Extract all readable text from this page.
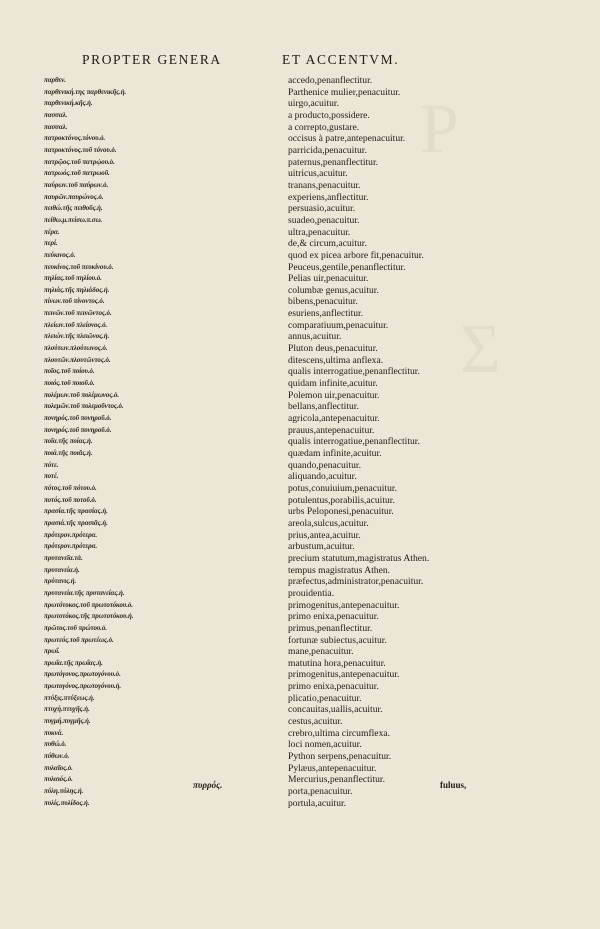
P
Σ
PROPTER GENERA	ET ACCENTVM.
παρθεν.
παρθενική.της παρθενικῆς.ἡ.
παρθενική.κῆς.ἡ.
πασσαλ.
πασσαλ.
πατροκτόνος.τόνου.ὁ.
πατροκτόνος.τοῦ τόνου.ὁ.
πατρῷος.τοῦ πατρῴου.ὁ.
πατρωός.τοῦ πατρωοῦ.
παύρων.τοῦ παύρων.ὁ.
παυρῶν.παυρώνος.ὁ.
πειθώ.τῆς πειθοῦς.ἡ.
πείθω.μ.πείσω.π.σω.
πέρα.
περί.
πεύκινος.ὁ.
πευκίνος.τοῦ πευκίνου.ὁ.
πηλίας.τοῦ πηλίου.ὁ.
πηλιάς.τῆς πηλιάδος.ἡ.
πίνων.τοῦ πίνοντος.ὁ.
πεινῶν.τοῦ πεινῶντος.ὁ.
πλείων.τοῦ πλείονος.ὁ.
πλειών.τῆς πλειῶνος.ἡ.
πλούτων.πλούτωνος.ὁ.
πλουτῶν.πλουτῶντος.ὁ.
ποῖος.τοῦ ποίου.ὁ.
ποιός.τοῦ ποιοῦ.ὁ.
πολέμων.τοῦ πολέμωνος.ὁ.
πολεμῶν.τοῦ πολεμοῦντος.ὁ.
πονηρός.τοῦ πονηροῦ.ὁ.
πονηρός.τοῦ πονηροῦ.ὁ.
ποῖα.τῆς ποίας.ἡ.
ποιά.τῆς ποιᾶς.ἡ.
πότε.
ποτέ.
πότος.τοῦ πότου.ὁ.
ποτός.τοῦ ποτοῦ.ὁ.
πρασία.τῆς πρασίας.ἡ.
πρασιά.τῆς πρασιᾶς.ἡ.
πρότερον.πρότερα.
πρότερον.πρότερα.
πρυτανεῖα.τὰ.
πρυτανεία.ἡ.
πρύτανις.ἡ.
πρυτανεία.τῆς πρυτανείας.ἡ.
πρωτότοκος.τοῦ πρωτοτόκου.ὁ.
πρωτοτόκος.τῆς πρωτοτόκου.ἡ.
πρῶτος.τοῦ πρώτου.ὁ.
πρωτεύς.τοῦ πρωτέως.ὁ.
πρωΐ.
πρωΐα.τῆς πρωΐας.ἡ.
πρωτόγονος.πρωτογόνου.ὁ.
πρωτογόνος.πρωτογόνου.ἡ.
πτύξις.πτύξεως.ἡ.
πτυχή.πτυχῆς.ἡ.
πυγμή.πυγμῆς.ἡ.
πυκνά.
πυθώ.ὁ.
πύθων.ὁ.
πυλαῖος.ὁ.
πυλαιός.ὁ.
πύλη.πύλης.ἡ.
πυλίς.πυλίδος.ἡ.
accedo,penanflectitur.
Parthenice mulier,penacuitur.
uirgo,acuitur.
a producto,possidere.
a correpto,gustare.
occisus à patre,antepenacuitur.
parricida,penacuitur.
paternus,penanflectitur.
uitricus,acuitur.
tranans,penacuitur.
experiens,anflectitur.
persuasio,acuitur.
suadeo,penacuitur.
ultra,penacuitur.
de,& circum,acuitur.
quod ex picea arbore fit,penacuitur.
Peuceus,gentile,penanflectitur.
Pelias uir,penacuitur.
columbæ genus,acuitur.
bibens,penacuitur.
esuriens,anflectitur.
comparatiuum,penacuitur.
annus,acuitur.
Pluton deus,penacuitur.
ditescens,ultima anflexa.
qualis interrogatiue,penanflectitur.
quidam infinite,acuitur.
Polemon uir,penacuitur.
bellans,anflectitur.
agricola,antepenacuitur.
prauus,antepenacuitur.
qualis interrogatiue,penanflectitur.
quædam infinite,acuitur.
quando,penacuitur.
aliquando,acuitur.
potus,conuiuium,penacuitur.
potulentus,porabilis,acuitur.
urbs Peloponesi,penacuitur.
areola,sulcus,acuitur.
prius,antea,acuitur.
arbustum,acuitur.
precium statutum,magistratus Athen.
tempus magistratus Athen.
præfectus,administrator,penacuitur.
prouidentia.
primogenitus,antepenacuitur.
primo enixa,penacuitur.
primus,penanflectitur.
fortunæ subiectus,acuitur.
mane,penacuitur.
matutina hora,penacuitur.
primogenitus,antepenacuitur.
primo enixa,penacuitur.
plicatio,penacuitur.
concauitas,uallis,acuitur.
cestus,acuitur.
crebro,ultima circumflexa.
loci nomen,acuitur.
Python serpens,penacuitur.
Pylæus,antepenacuitur.
Mercurius,penanflectitur.
porta,penacuitur.
portula,acuitur.
πυρρός.	fuluus,
